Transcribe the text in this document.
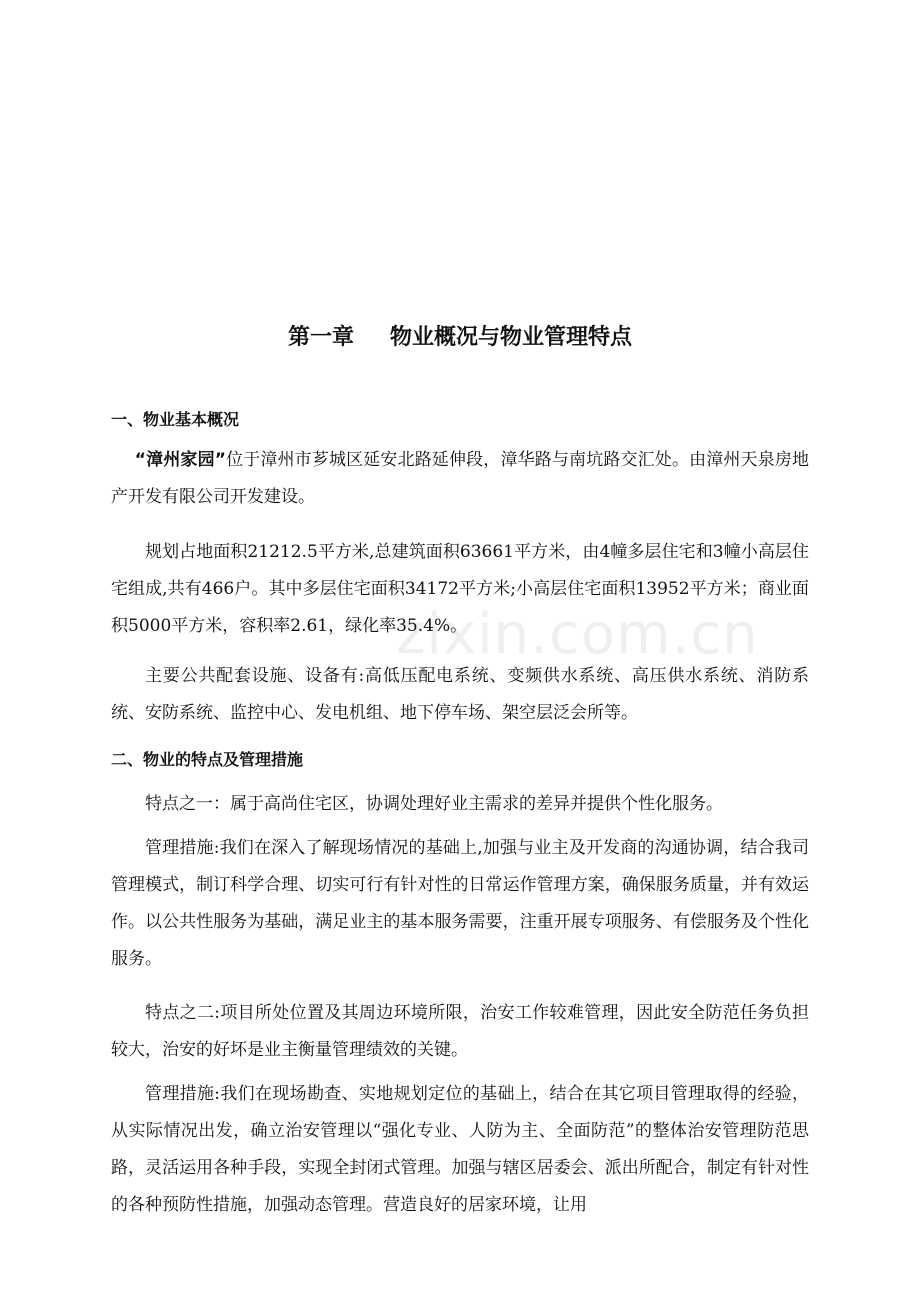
zixin.com.cn
第一章 物业概况与物业管理特点
一、物业基本概况

“漳州家园”位于漳州市芗城区延安北路延伸段，漳华路与南坑路交汇处。由漳州天泉房地产开发有限公司开发建设。

规划占地面积21212.5平方米,总建筑面积63661平方米，由4幢多层住宅和3幢小高层住宅组成,共有466户。其中多层住宅面积34172平方米;小高层住宅面积13952平方米；商业面积5000平方米，容积率2.61，绿化率35.4%。

主要公共配套设施、设备有:高低压配电系统、变频供水系统、高压供水系统、消防系统、安防系统、监控中心、发电机组、地下停车场、架空层泛会所等。

二、物业的特点及管理措施

特点之一：属于高尚住宅区，协调处理好业主需求的差异并提供个性化服务。

管理措施:我们在深入了解现场情况的基础上,加强与业主及开发商的沟通协调，结合我司管理模式，制订科学合理、切实可行有针对性的日常运作管理方案，确保服务质量，并有效运作。以公共性服务为基础，满足业主的基本服务需要，注重开展专项服务、有偿服务及个性化服务。

特点之二:项目所处位置及其周边环境所限，治安工作较难管理，因此安全防范任务负担较大，治安的好坏是业主衡量管理绩效的关键。

管理措施:我们在现场勘查、实地规划定位的基础上，结合在其它项目管理取得的经验，从实际情况出发，确立治安管理以“强化专业、人防为主、全面防范”的整体治安管理防范思路，灵活运用各种手段，实现全封闭式管理。加强与辖区居委会、派出所配合，制定有针对性的各种预防性措施，加强动态管理。营造良好的居家环境，让用
